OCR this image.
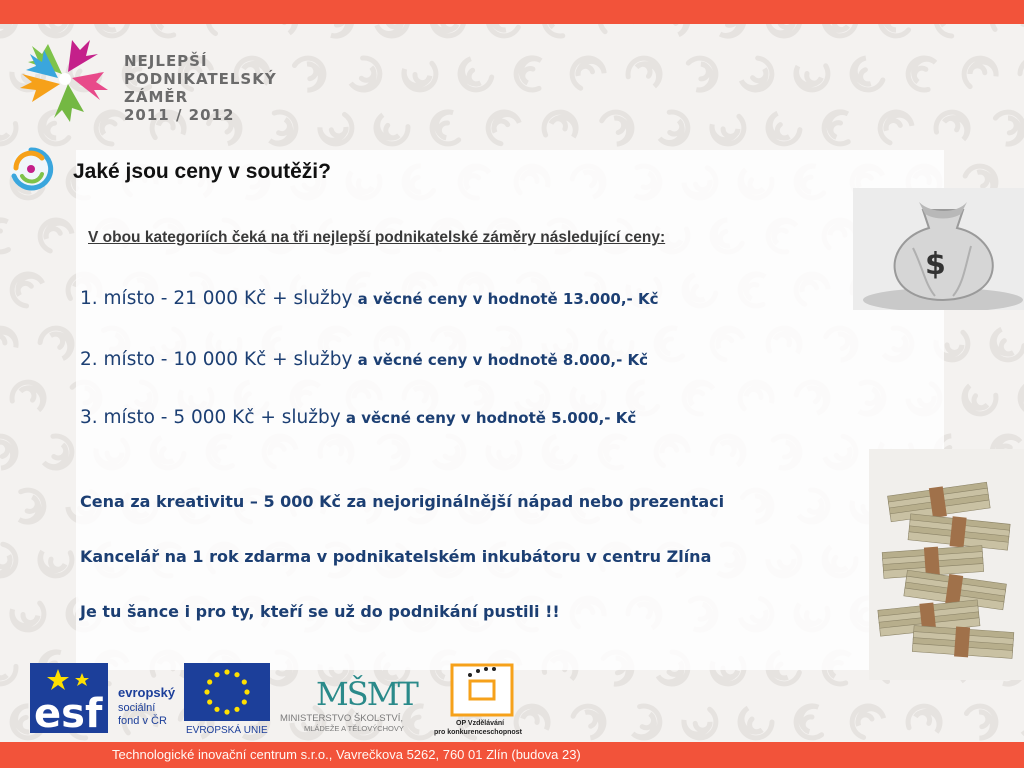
NEJLEPŠÍ
PODNIKATELSKÝ
ZÁMĚR
2011 / 2012
Jaké jsou ceny v soutěži?
V obou kategoriích čeká na tři nejlepší podnikatelské záměry následující ceny:
1. místo - 21 000 Kč + služby a věcné ceny v hodnotě 13.000,- Kč
2. místo - 10 000 Kč + služby a věcné ceny v hodnotě 8.000,- Kč
3. místo - 5 000 Kč + služby a věcné ceny v hodnotě 5.000,- Kč
Cena za kreativitu – 5 000 Kč za nejoriginálnější nápad nebo prezentaci
Kancelář na 1 rok zdarma v podnikatelském inkubátoru v centru Zlína
Je tu šance i pro ty, kteří se už do podnikání pustili !!
$
esf evropský
sociální
fond v ČR
EVROPSKÁ UNIE
MŠMT
MINISTERSTVO ŠKOLSTVÍ,
MLÁDEŽE A TĚLOVÝCHOVY
OP Vzdělávání
pro konkurenceschopnost
Technologické inovační centrum s.r.o., Vavrečkova 5262, 760 01 Zlín (budova 23)
